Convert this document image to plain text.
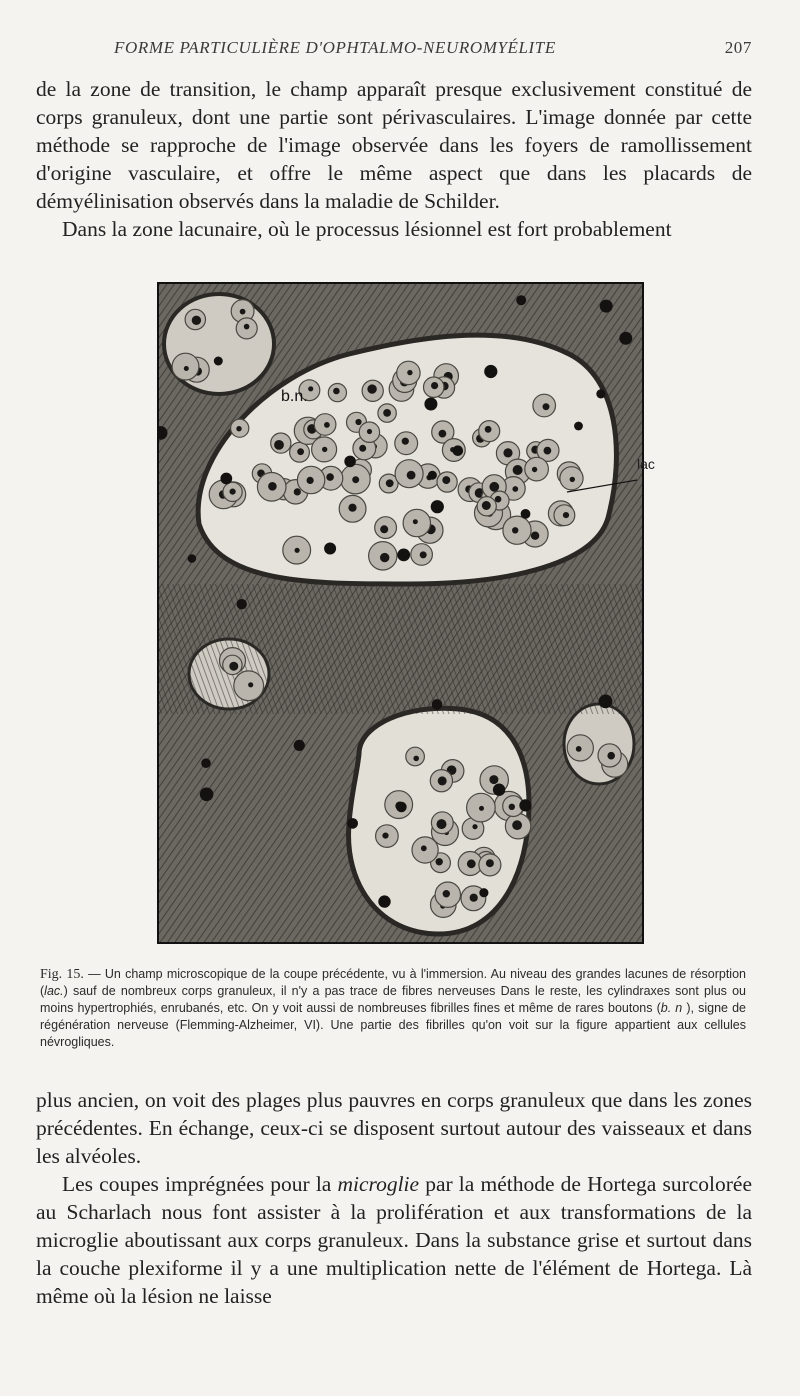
FORME PARTICULIÈRE D'OPHTALMO-NEUROMYÉLITE	207

de la zone de transition, le champ apparaît presque exclusivement constitué de corps granuleux, dont une partie sont périvasculaires. L'image donnée par cette méthode se rapproche de l'image observée dans les foyers de ramollissement d'origine vasculaire, et offre le même aspect que dans les placards de démyélinisation observés dans la maladie de Schilder.

Dans la zone lacunaire, où le processus lésionnel est fort probablement

b.n.
lac
Fig. 15. — Un champ microscopique de la coupe précédente, vu à l'immersion. Au niveau des grandes lacunes de résorption (lac.) sauf de nombreux corps granuleux, il n'y a pas trace de fibres nerveuses Dans le reste, les cylindraxes sont plus ou moins hypertrophiés, enrubanés, etc. On y voit aussi de nombreuses fibrilles fines et même de rares boutons (b. n ), signe de régénération nerveuse (Flemming-Alzheimer, VI). Une partie des fibrilles qu'on voit sur la figure appartient aux cellules névrogliques.

plus ancien, on voit des plages plus pauvres en corps granuleux que dans les zones précédentes. En échange, ceux-ci se disposent surtout autour des vaisseaux et dans les alvéoles.

Les coupes imprégnées pour la microglie par la méthode de Hortega surcolorée au Scharlach nous font assister à la prolifération et aux transformations de la microglie aboutissant aux corps granuleux. Dans la substance grise et surtout dans la couche plexiforme il y a une multiplication nette de l'élément de Hortega. Là même où la lésion ne laisse
